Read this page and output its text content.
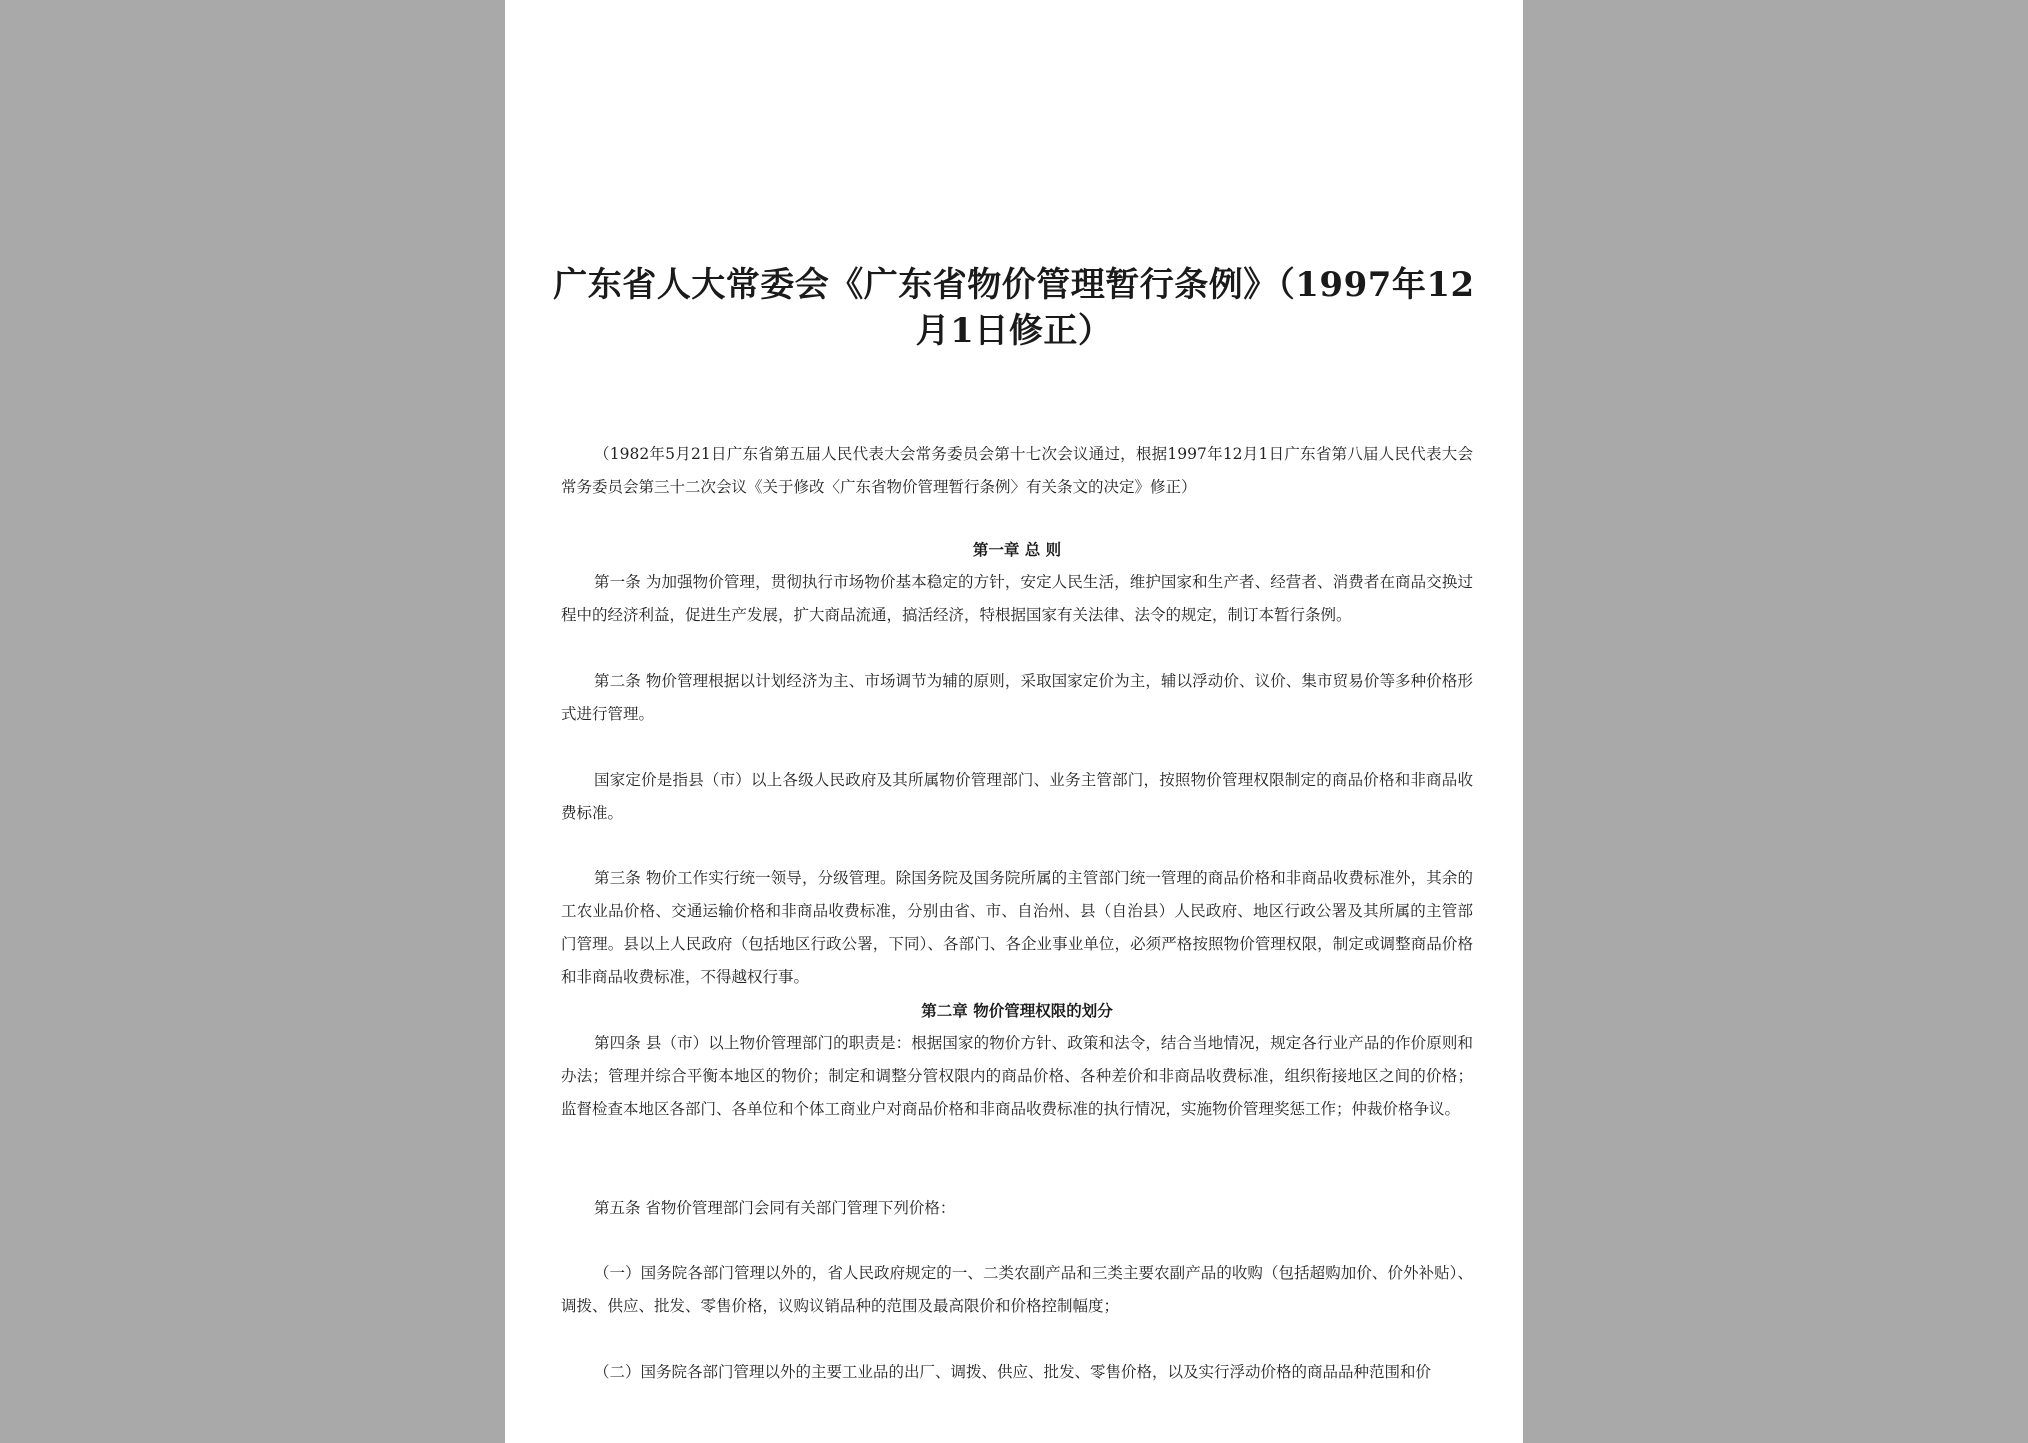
广东省人大常委会《广东省物价管理暂行条例》（1997年12月1日修正）

（1982年5月21日广东省第五届人民代表大会常务委员会第十七次会议通过，根据1997年12月1日广东省第八届人民代表大会常务委员会第三十二次会议《关于修改〈广东省物价管理暂行条例〉有关条文的决定》修正）

第一章 总 则

第一条 为加强物价管理，贯彻执行市场物价基本稳定的方针，安定人民生活，维护国家和生产者、经营者、消费者在商品交换过程中的经济利益，促进生产发展，扩大商品流通，搞活经济，特根据国家有关法律、法令的规定，制订本暂行条例。

第二条 物价管理根据以计划经济为主、市场调节为辅的原则，采取国家定价为主，辅以浮动价、议价、集市贸易价等多种价格形式进行管理。

国家定价是指县（市）以上各级人民政府及其所属物价管理部门、业务主管部门，按照物价管理权限制定的商品价格和非商品收费标准。

第三条 物价工作实行统一领导，分级管理。除国务院及国务院所属的主管部门统一管理的商品价格和非商品收费标准外，其余的工农业品价格、交通运输价格和非商品收费标准，分别由省、市、自治州、县（自治县）人民政府、地区行政公署及其所属的主管部门管理。县以上人民政府（包括地区行政公署，下同）、各部门、各企业事业单位，必须严格按照物价管理权限，制定或调整商品价格和非商品收费标准，不得越权行事。

第二章 物价管理权限的划分

第四条 县（市）以上物价管理部门的职责是：根据国家的物价方针、政策和法令，结合当地情况，规定各行业产品的作价原则和办法；管理并综合平衡本地区的物价；制定和调整分管权限内的商品价格、各种差价和非商品收费标准，组织衔接地区之间的价格；监督检查本地区各部门、各单位和个体工商业户对商品价格和非商品收费标准的执行情况，实施物价管理奖惩工作；仲裁价格争议。

第五条 省物价管理部门会同有关部门管理下列价格：

（一）国务院各部门管理以外的，省人民政府规定的一、二类农副产品和三类主要农副产品的收购（包括超购加价、价外补贴）、调拨、供应、批发、零售价格，议购议销品种的范围及最高限价和价格控制幅度；

（二）国务院各部门管理以外的主要工业品的出厂、调拨、供应、批发、零售价格，以及实行浮动价格的商品品种范围和价
